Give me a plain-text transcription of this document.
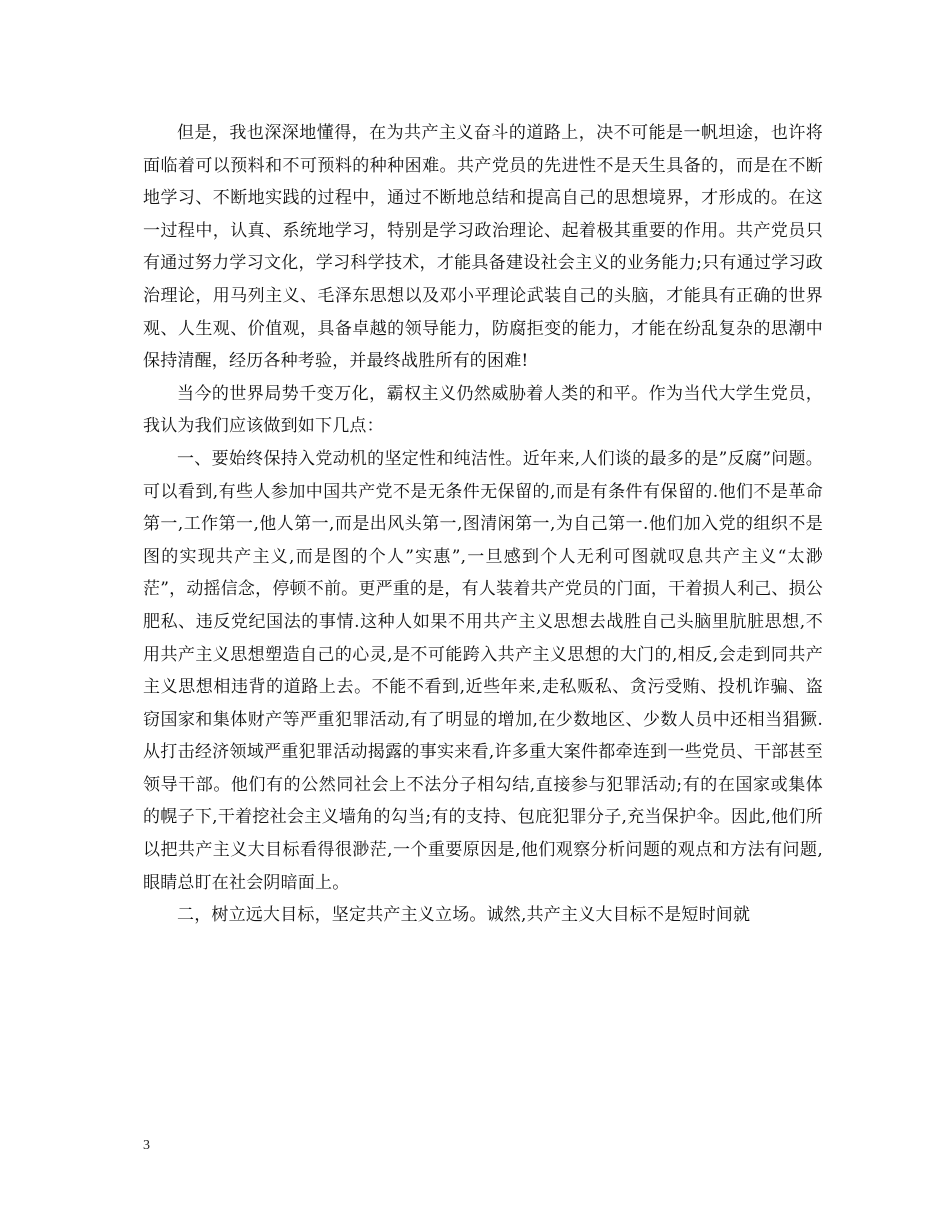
但是，我也深深地懂得，在为共产主义奋斗的道路上，决不可能是一帆坦途，也许将面临着可以预料和不可预料的种种困难。共产党员的先进性不是天生具备的，而是在不断地学习、不断地实践的过程中，通过不断地总结和提高自己的思想境界，才形成的。在这一过程中，认真、系统地学习，特别是学习政治理论、起着极其重要的作用。共产党员只有通过努力学习文化，学习科学技术，才能具备建设社会主义的业务能力;只有通过学习政治理论，用马列主义、毛泽东思想以及邓小平理论武装自己的头脑，才能具有正确的世界观、人生观、价值观，具备卓越的领导能力，防腐拒变的能力，才能在纷乱复杂的思潮中保持清醒，经历各种考验，并最终战胜所有的困难!

当今的世界局势千变万化，霸权主义仍然威胁着人类的和平。作为当代大学生党员，我认为我们应该做到如下几点：

一、要始终保持入党动机的坚定性和纯洁性。近年来,人们谈的最多的是”反腐”问题。可以看到,有些人参加中国共产党不是无条件无保留的,而是有条件有保留的.他们不是革命第一,工作第一,他人第一,而是出风头第一,图清闲第一,为自己第一.他们加入党的组织不是图的实现共产主义,而是图的个人”实惠”,一旦感到个人无利可图就叹息共产主义“太渺茫”，动摇信念，停顿不前。更严重的是，有人装着共产党员的门面，干着损人利己、损公肥私、违反党纪国法的事情.这种人如果不用共产主义思想去战胜自己头脑里肮脏思想,不用共产主义思想塑造自己的心灵,是不可能跨入共产主义思想的大门的,相反,会走到同共产主义思想相违背的道路上去。不能不看到,近些年来,走私贩私、贪污受贿、投机诈骗、盗窃国家和集体财产等严重犯罪活动,有了明显的增加,在少数地区、少数人员中还相当猖獗.从打击经济领域严重犯罪活动揭露的事实来看,许多重大案件都牵连到一些党员、干部甚至领导干部。他们有的公然同社会上不法分子相勾结,直接参与犯罪活动;有的在国家或集体的幌子下,干着挖社会主义墙角的勾当;有的支持、包庇犯罪分子,充当保护伞。因此,他们所以把共产主义大目标看得很渺茫,一个重要原因是,他们观察分析问题的观点和方法有问题,眼睛总盯在社会阴暗面上。

二，树立远大目标，坚定共产主义立场。诚然,共产主义大目标不是短时间就

3
